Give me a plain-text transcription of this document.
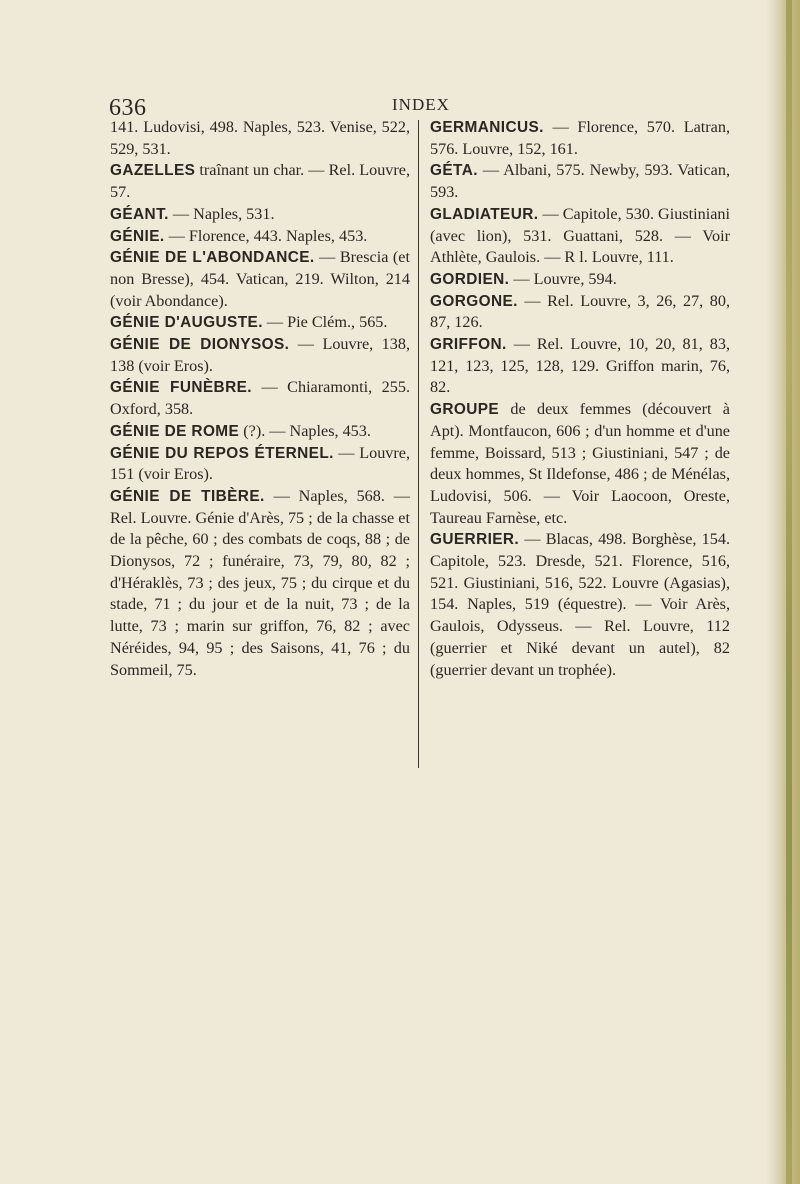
636	INDEX

141. Ludovisi, 498. Naples, 523. Venise, 522, 529, 531.

GAZELLES traînant un char. — Rel. Louvre, 57.

GÉANT. — Naples, 531.

GÉNIE. — Florence, 443. Naples, 453.

GÉNIE DE L'ABONDANCE. — Brescia (et non Bresse), 454. Vatican, 219. Wilton, 214 (voir Abondance).

GÉNIE D'AUGUSTE. — Pie Clém., 565.

GÉNIE DE DIONYSOS. — Louvre, 138, 138 (voir Eros).

GÉNIE FUNÈBRE. — Chiaramonti, 255. Oxford, 358.

GÉNIE DE ROME (?). — Naples, 453.

GÉNIE DU REPOS ÉTERNEL. — Louvre, 151 (voir Eros).

GÉNIE DE TIBÈRE. — Naples, 568. — Rel. Louvre. Génie d'Arès, 75 ; de la chasse et de la pêche, 60 ; des combats de coqs, 88 ; de Dionysos, 72 ; funéraire, 73, 79, 80, 82 ; d'Héraklès, 73 ; des jeux, 75 ; du cirque et du stade, 71 ; du jour et de la nuit, 73 ; de la lutte, 73 ; marin sur griffon, 76, 82 ; avec Néréides, 94, 95 ; des Saisons, 41, 76 ; du Sommeil, 75.

GERMANICUS. — Florence, 570. Latran, 576. Louvre, 152, 161.

GÉTA. — Albani, 575. Newby, 593. Vatican, 593.

GLADIATEUR. — Capitole, 530. Giustiniani (avec lion), 531. Guattani, 528. — Voir Athlète, Gaulois. — R l. Louvre, 111.

GORDIEN. — Louvre, 594.

GORGONE. — Rel. Louvre, 3, 26, 27, 80, 87, 126.

GRIFFON. — Rel. Louvre, 10, 20, 81, 83, 121, 123, 125, 128, 129. Griffon marin, 76, 82.

GROUPE de deux femmes (découvert à Apt). Montfaucon, 606 ; d'un homme et d'une femme, Boissard, 513 ; Giustiniani, 547 ; de deux hommes, St Ildefonse, 486 ; de Ménélas, Ludovisi, 506. — Voir Laocoon, Oreste, Taureau Farnèse, etc.

GUERRIER. — Blacas, 498. Borghèse, 154. Capitole, 523. Dresde, 521. Florence, 516, 521. Giustiniani, 516, 522. Louvre (Agasias), 154. Naples, 519 (équestre). — Voir Arès, Gaulois, Odysseus. — Rel. Louvre, 112 (guerrier et Niké devant un autel), 82 (guerrier devant un trophée).
